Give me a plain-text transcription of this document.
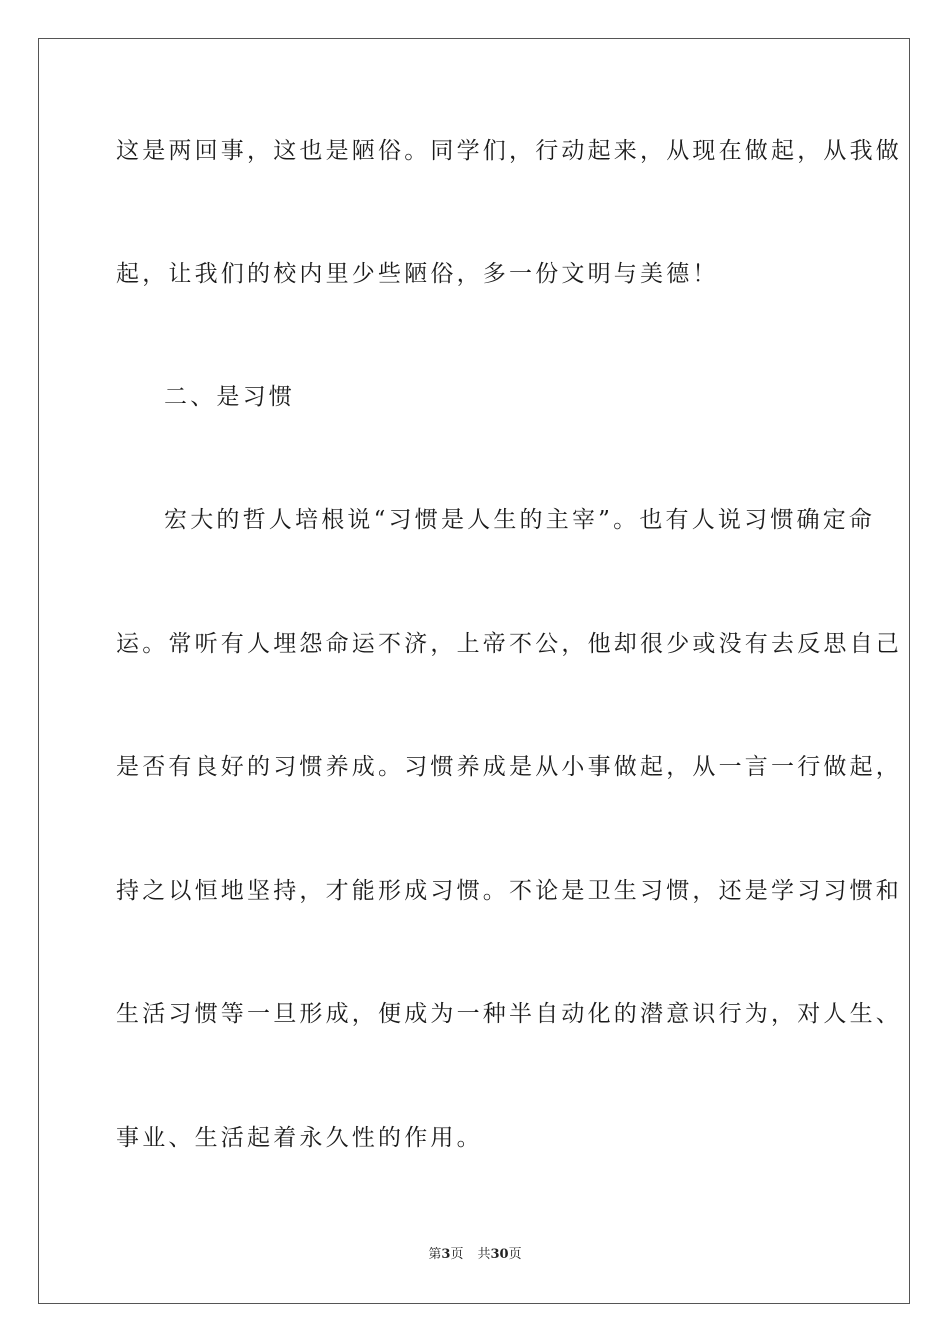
这是两回事，这也是陋俗。同学们，行动起来，从现在做起，从我做
起，让我们的校内里少些陋俗，多一份文明与美德！
二、是习惯
宏大的哲人培根说“习惯是人生的主宰”。也有人说习惯确定命
运。常听有人埋怨命运不济，上帝不公，他却很少或没有去反思自己
是否有良好的习惯养成。习惯养成是从小事做起，从一言一行做起，
持之以恒地坚持，才能形成习惯。不论是卫生习惯，还是学习习惯和
生活习惯等一旦形成，便成为一种半自动化的潜意识行为，对人生、
事业、生活起着永久性的作用。
第3页 共30页
